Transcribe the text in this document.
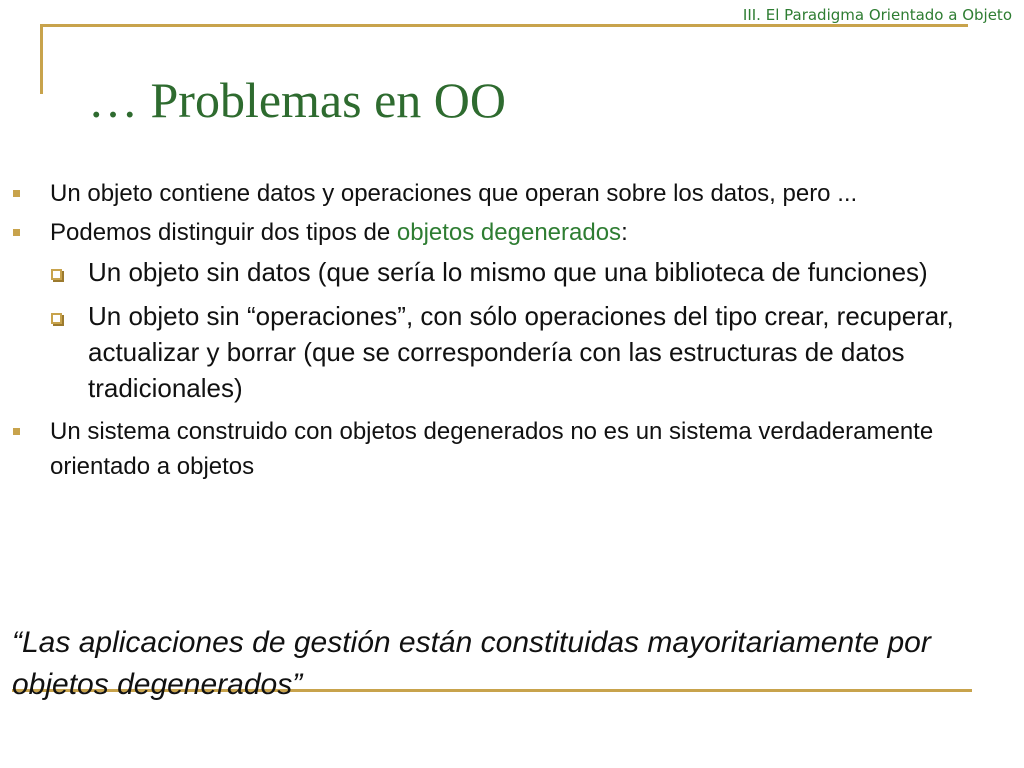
III. El Paradigma Orientado a Objeto
… Problemas en OO

Un objeto contiene datos y operaciones que operan sobre los datos, pero ...

Podemos distinguir dos tipos de objetos degenerados:

Un objeto sin datos (que sería lo mismo que una biblioteca de funciones)

Un objeto sin “operaciones”, con sólo operaciones del tipo crear, recuperar, actualizar y borrar (que se correspondería con las estructuras de datos tradicionales)

Un sistema construido con objetos degenerados no es un sistema verdaderamente orientado a objetos

“Las aplicaciones de gestión están constituidas mayoritariamente por objetos degenerados”
